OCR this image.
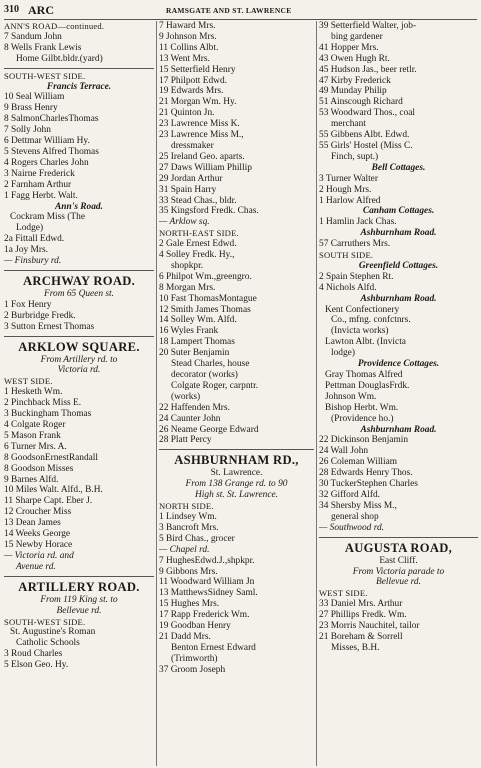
310 ARC	RAMSGATE AND ST. LAWRENCE
ANN'S ROAD—continued.
7 Sandum John
8 Wells Frank Lewis
Home Gilbt.bldr.(yard)
SOUTH-WEST SIDE.
Francis Terrace.
10 Seal William
9 Brass Henry
8 SalmonCharlesThomas
7 Solly John
6 Dettmar William Hy.
5 Stevens Alfred Thomas
4 Rogers Charles John
3 Nairne Frederick
2 Farnham Arthur
1 Fagg Herbt. Walt.
Ann's Road.
Cockram Miss (The
Lodge)
2a Fittall Edwd.
1a Joy Mrs.
— Finsbury rd.
ARCHWAY ROAD.
From 65 Queen st.
1 Fox Henry
2 Burbridge Fredk.
3 Sutton Ernest Thomas
ARKLOW SQUARE.
From Artillery rd. to
Victoria rd.
WEST SIDE.
1 Hesketh Wm.
2 Pinchback Miss E.
3 Buckingham Thomas
4 Colgate Roger
5 Mason Frank
6 Turner Mrs. A.
8 GoodsonErnestRandall
8 Goodson Misses
9 Barnes Alfd.
10 Miles Walt. Alfd., B.H.
11 Sharpe Capt. Eber J.
12 Croucher Miss
13 Dean James
14 Weeks George
15 Newby Horace
— Victoria rd. and
Avenue rd.
ARTILLERY ROAD.
From 119 King st. to
Bellevue rd.
SOUTH-WEST SIDE.
St. Augustine's Roman
Catholic Schools
3 Roud Charles
5 Elson Geo. Hy.
7 Haward Mrs.
9 Johnson Mrs.
11 Collins Albt.
13 Went Mrs.
15 Setterfield Henry
17 Philpott Edwd.
19 Edwards Mrs.
21 Morgan Wm. Hy.
21 Quinton Jn.
23 Lawrence Miss K.
23 Lawrence Miss M.,
dressmaker
25 Ireland Geo. aparts.
27 Daws William Phillip
29 Jordan Arthur
31 Spain Harry
33 Stead Chas., bldr.
35 Kingsford Fredk. Chas.
— Arklow sq.
NORTH-EAST SIDE.
2 Gale Ernest Edwd.
4 Solley Fredk. Hy.,
shopkpr.
6 Philpot Wm.,greengro.
8 Morgan Mrs.
10 Fast ThomasMontague
12 Smith James Thomas
14 Solley Wm. Alfd.
16 Wyles Frank
18 Lampert Thomas
20 Suter Benjamin
Stead Charles, house
decorator (works)
Colgate Roger, carpntr.
(works)
22 Haffenden Mrs.
24 Caunter John
26 Neame George Edward
28 Platt Percy
ASHBURNHAM RD.,
St. Lawrence.
From 138 Grange rd. to 90
High st. St. Lawrence.
NORTH SIDE.
1 Lindsey Wm.
3 Bancroft Mrs.
5 Bird Chas., grocer
— Chapel rd.
7 HughesEdwd.J.,shpkpr.
9 Gibbons Mrs.
11 Woodward William Jn
13 MatthewsSidney Saml.
15 Hughes Mrs.
17 Rapp Frederick Wm.
19 Goodban Henry
21 Dadd Mrs.
Benton Ernest Edward
(Trimworth)
37 Groom Joseph
39 Setterfield Walter, job-
bing gardener
41 Hopper Mrs.
43 Owen Hugh Rt.
45 Hudson Jas., beer retlr.
47 Kirby Frederick
49 Munday Philip
51 Ainscough Richard
53 Woodward Thos., coal
merchant
55 Gibbens Albt. Edwd.
55 Girls' Hostel (Miss C.
Finch, supt.)
Bell Cottages.
3 Turner Walter
2 Hough Mrs.
1 Harlow Alfred
Canham Cottages.
1 Hamlin Jack Chas.
Ashburnham Road.
57 Carruthers Mrs.
SOUTH SIDE.
Greenfield Cottages.
2 Spain Stephen Rt.
4 Nichols Alfd.
Ashburnham Road.
Kent Confectionery
Co., mfng. confctnrs.
(Invicta works)
Lawton Albt. (Invicta
lodge)
Providence Cottages.
Gray Thomas Alfred
Pettman DouglasFrdk.
Johnson Wm.
Bishop Herbt. Wm.
(Providence ho.)
Ashburnham Road.
22 Dickinson Benjamin
24 Wall John
26 Coleman William
28 Edwards Henry Thos.
30 TuckerStephen Charles
32 Gifford Alfd.
34 Shersby Miss M.,
general shop
— Southwood rd.
AUGUSTA ROAD,
East Cliff.
From Victoria parade to
Bellevue rd.
WEST SIDE.
33 Daniel Mrs. Arthur
27 Phillips Fredk. Wm.
23 Morris Nauchitel, tailor
21 Boreham & Sorrell
Misses, B.H.
